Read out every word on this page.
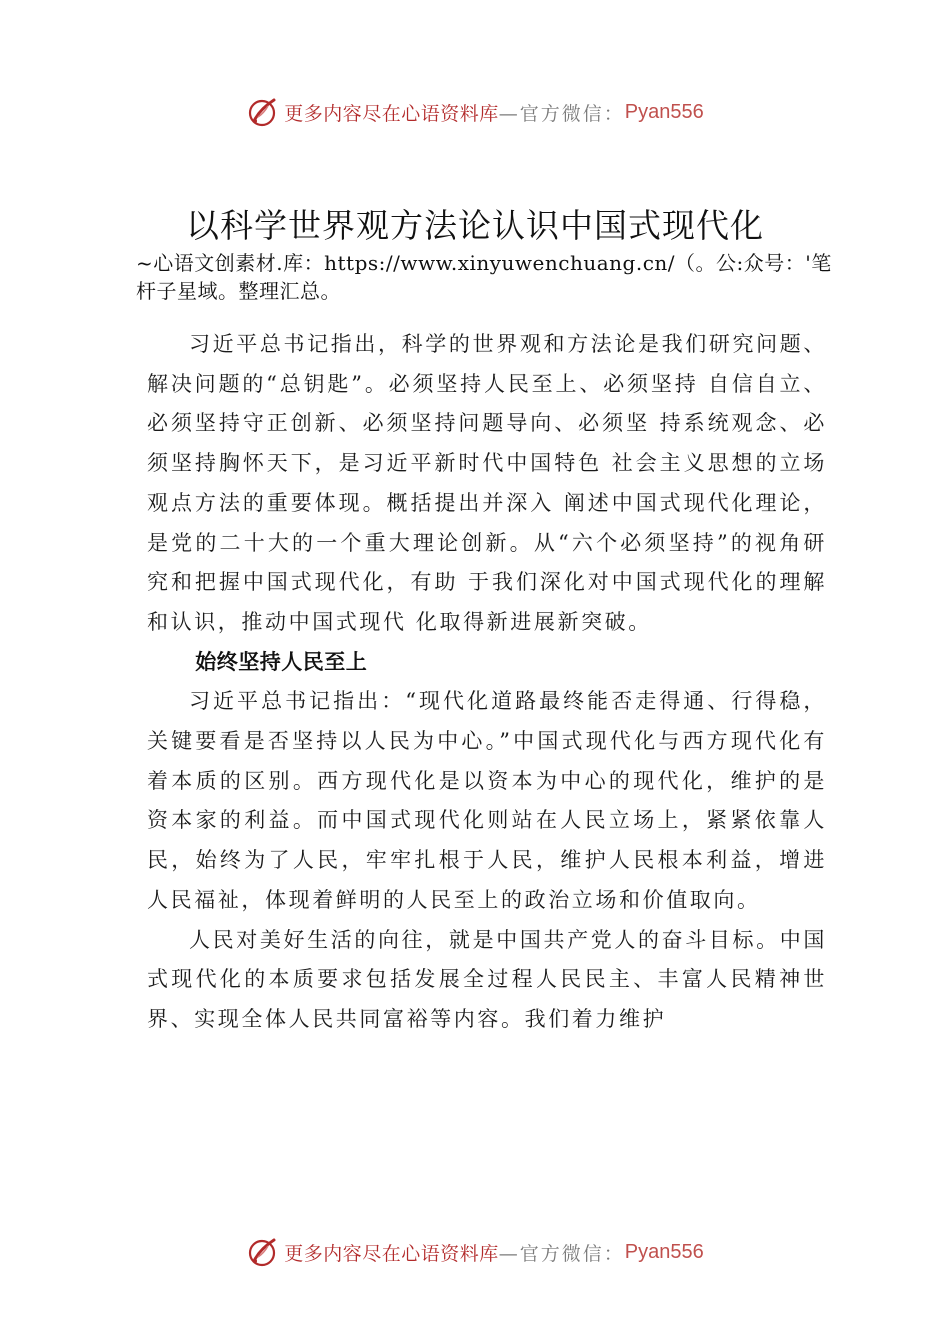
更多内容尽在心语资料库 —官方微信： Pyan556
以科学世界观方法论认识中国式现代化
~心语文创素材.库：https://www.xinyuwenchuang.cn/（。公:众号：'笔杆子星域。整理汇总。

习近平总书记指出，科学的世界观和方法论是我们研究问题、解决问题的“总钥匙”。必须坚持人民至上、必须坚持 自信自立、必须坚持守正创新、必须坚持问题导向、必须坚 持系统观念、必须坚持胸怀天下，是习近平新时代中国特色 社会主义思想的立场观点方法的重要体现。概括提出并深入 阐述中国式现代化理论，是党的二十大的一个重大理论创新。从“六个必须坚持”的视角研究和把握中国式现代化，有助 于我们深化对中国式现代化的理解和认识，推动中国式现代 化取得新进展新突破。

始终坚持人民至上

习近平总书记指出：“现代化道路最终能否走得通、行得稳，关键要看是否坚持以人民为中心。”中国式现代化与西方现代化有着本质的区别。西方现代化是以资本为中心的现代化，维护的是资本家的利益。而中国式现代化则站在人民立场上，紧紧依靠人民，始终为了人民，牢牢扎根于人民，维护人民根本利益，增进人民福祉，体现着鲜明的人民至上的政治立场和价值取向。

人民对美好生活的向往，就是中国共产党人的奋斗目标。中国式现代化的本质要求包括发展全过程人民民主、丰富人民精神世界、实现全体人民共同富裕等内容。我们着力维护

更多内容尽在心语资料库 —官方微信： Pyan556
